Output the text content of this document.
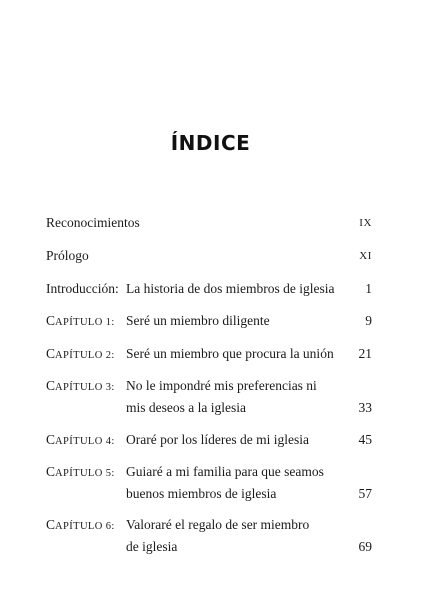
ÍNDICE
Reconocimientos	IX
Prólogo	XI
Introducción: La historia de dos miembros de iglesia 1
CAPÍTULO 1: Seré un miembro diligente	9
CAPÍTULO 2: Seré un miembro que procura la unión 21
CAPÍTULO 3: No le impondré mis preferencias ni
mis deseos a la iglesia	33
CAPÍTULO 4: Oraré por los líderes de mi iglesia	45
CAPÍTULO 5: Guiaré a mi familia para que seamos
buenos miembros de iglesia	57
CAPÍTULO 6: Valoraré el regalo de ser miembro
de iglesia	69
